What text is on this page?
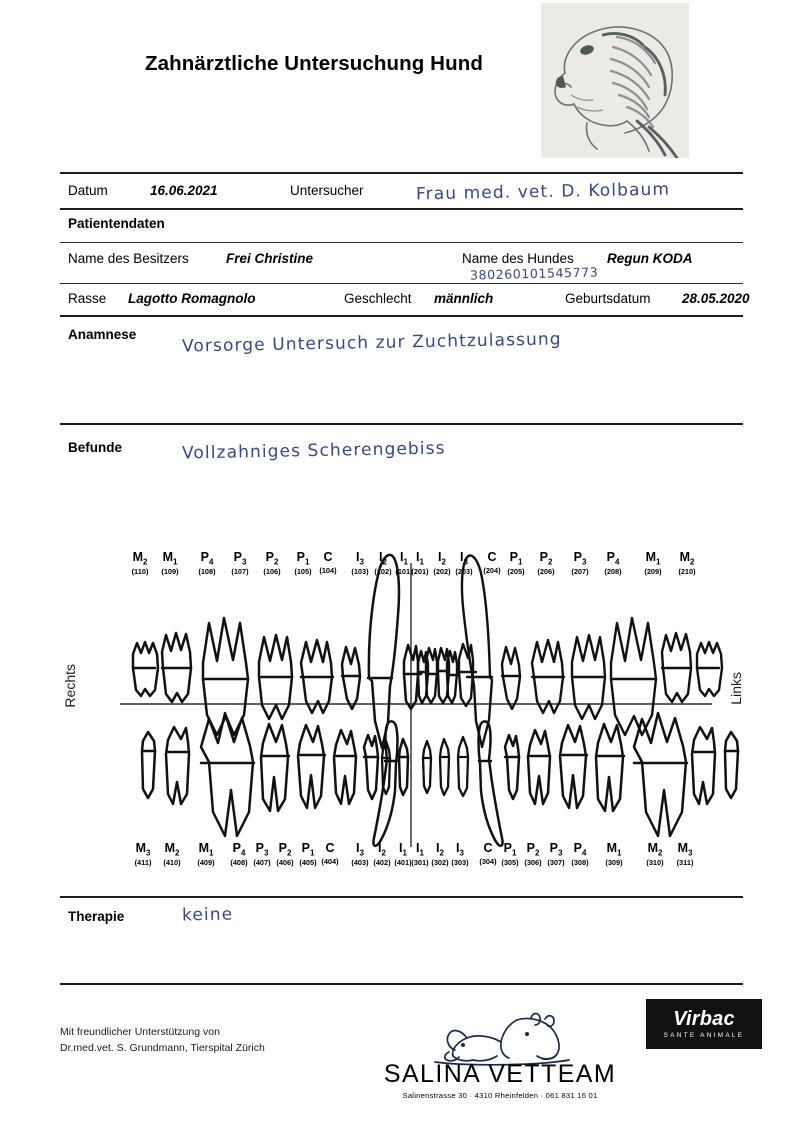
Zahnärztliche Untersuchung Hund
Datum	16.06.2021	Untersucher	Frau med. vet. D. Kolbaum
Patientendaten
Name des Besitzers	Frei Christine	Name des Hundes Regun KODA
380260101545773
Rasse Lagotto Romagnolo	Geschlecht männlich	Geburtsdatum 28.05.2020
Anamnese	Vorsorge Untersuch zur Zuchtzulassung
Befunde	Vollzahniges Scherengebiss
Rechts	Links
$M_2$
(110)
$M_1$
(109)
$P_4$
(108)
$P_3$
(107)
$P_2$
(106)
$P_1$
(105)
C
(104)
$I_3$
(103)
$I_2$
(102)
$I_1$
(101)
$I_1$
(201)
$I_2$
(202)
$I_3$
(203)
C
(204)
$P_1$
(205)
$P_2$
(206)
$P_3$
(207)
$P_4$
(208)
$M_1$
(209)
$M_2$
(210)
$M_3$
(411)
$M_2$
(410)
$M_1$
(409)
$P_4$
(408)
$P_3$
(407)
$P_2$
(406)
$P_1$
(405)
C
(404)
$I_3$
(403)
$I_2$
(402)
$I_1$
(401)
$I_1$
(301)
$I_2$
(302)
$I_3$
(303)
C
(304)
$P_1$
(305)
$P_2$
(306)
$P_3$
(307)
$P_4$
(308)
$M_1$
(309)
$M_2$
(310)
$M_3$
(311)
Therapie	keine
Mit freundlicher Unterstützung von
Dr.med.vet. S. Grundmann, Tierspital Zürich
Virbac
SANTE ANIMALE
SALINA VETTEAM
Salinenstrasse 30 · 4310 Rheinfelden · 061 831 16 01
